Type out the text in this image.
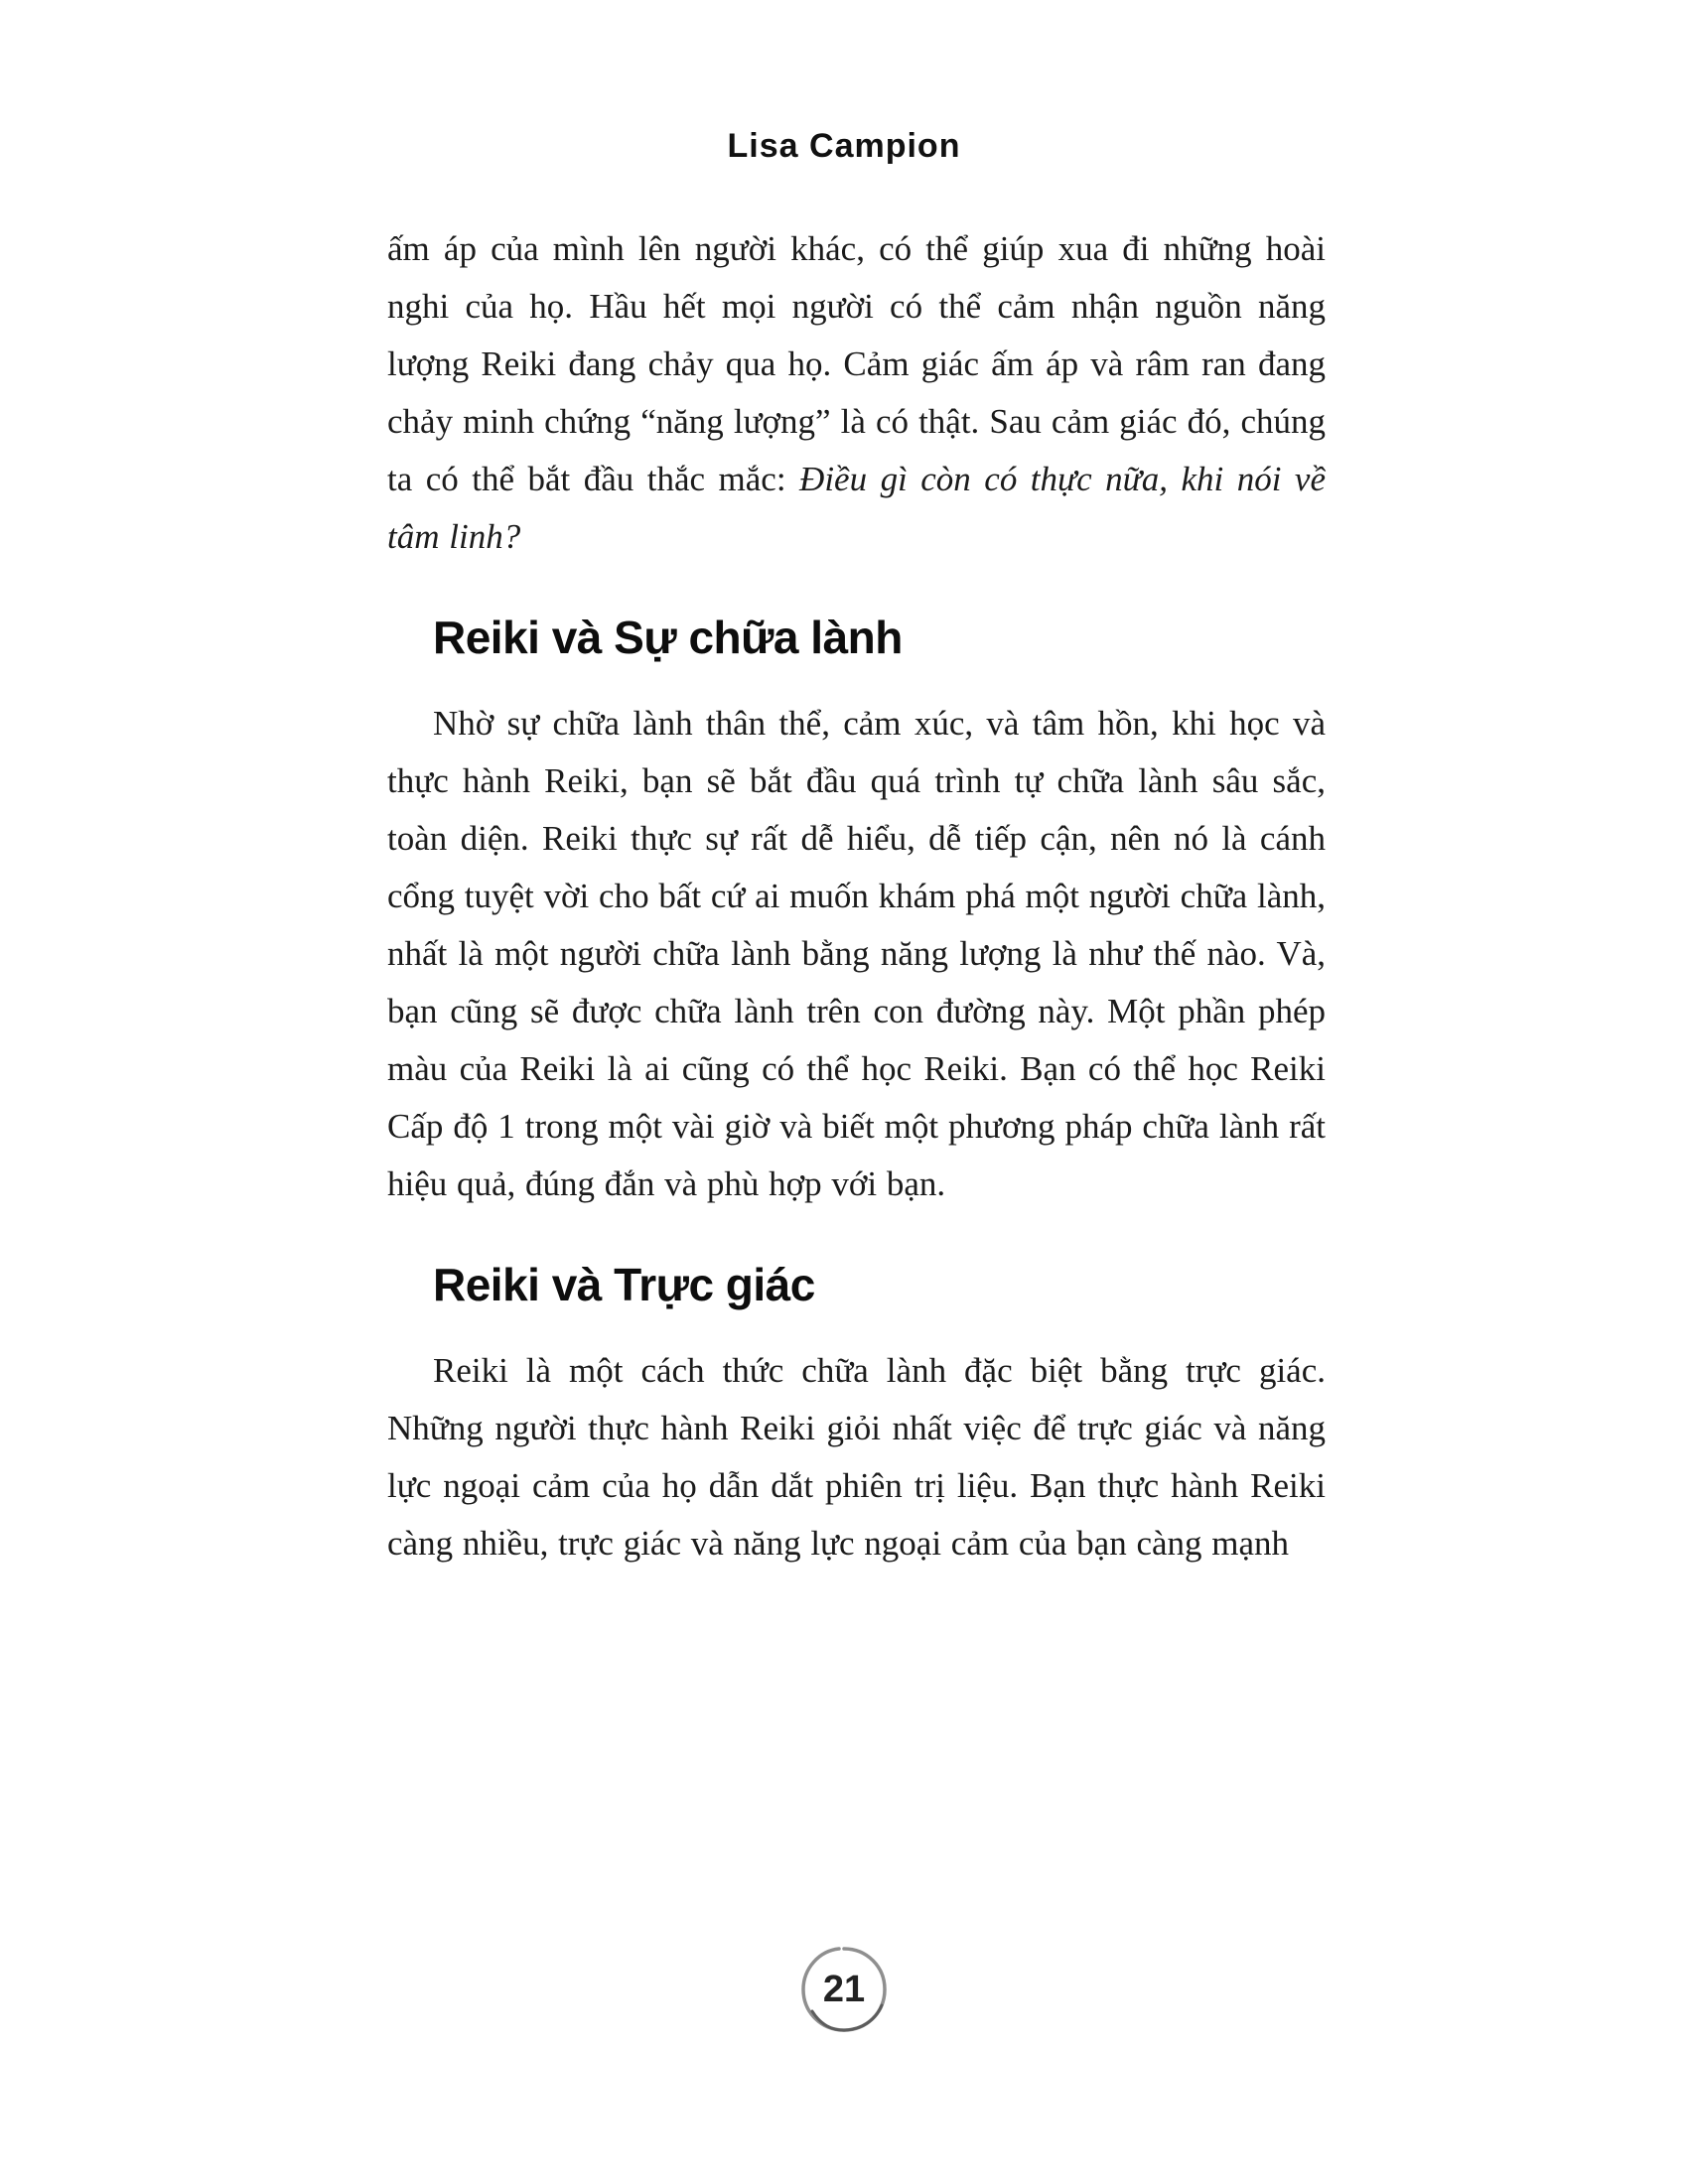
Lisa Campion

ấm áp của mình lên người khác, có thể giúp xua đi những hoài nghi của họ. Hầu hết mọi người có thể cảm nhận nguồn năng lượng Reiki đang chảy qua họ. Cảm giác ấm áp và râm ran đang chảy minh chứng “năng lượng” là có thật. Sau cảm giác đó, chúng ta có thể bắt đầu thắc mắc: Điều gì còn có thực nữa, khi nói về tâm linh?

Reiki và Sự chữa lành

Nhờ sự chữa lành thân thể, cảm xúc, và tâm hồn, khi học và thực hành Reiki, bạn sẽ bắt đầu quá trình tự chữa lành sâu sắc, toàn diện. Reiki thực sự rất dễ hiểu, dễ tiếp cận, nên nó là cánh cổng tuyệt vời cho bất cứ ai muốn khám phá một người chữa lành, nhất là một người chữa lành bằng năng lượng là như thế nào. Và, bạn cũng sẽ được chữa lành trên con đường này. Một phần phép màu của Reiki là ai cũng có thể học Reiki. Bạn có thể học Reiki Cấp độ 1 trong một vài giờ và biết một phương pháp chữa lành rất hiệu quả, đúng đắn và phù hợp với bạn.

Reiki và Trực giác

Reiki là một cách thức chữa lành đặc biệt bằng trực giác. Những người thực hành Reiki giỏi nhất việc để trực giác và năng lực ngoại cảm của họ dẫn dắt phiên trị liệu. Bạn thực hành Reiki càng nhiều, trực giác và năng lực ngoại cảm của bạn càng mạnh

21
